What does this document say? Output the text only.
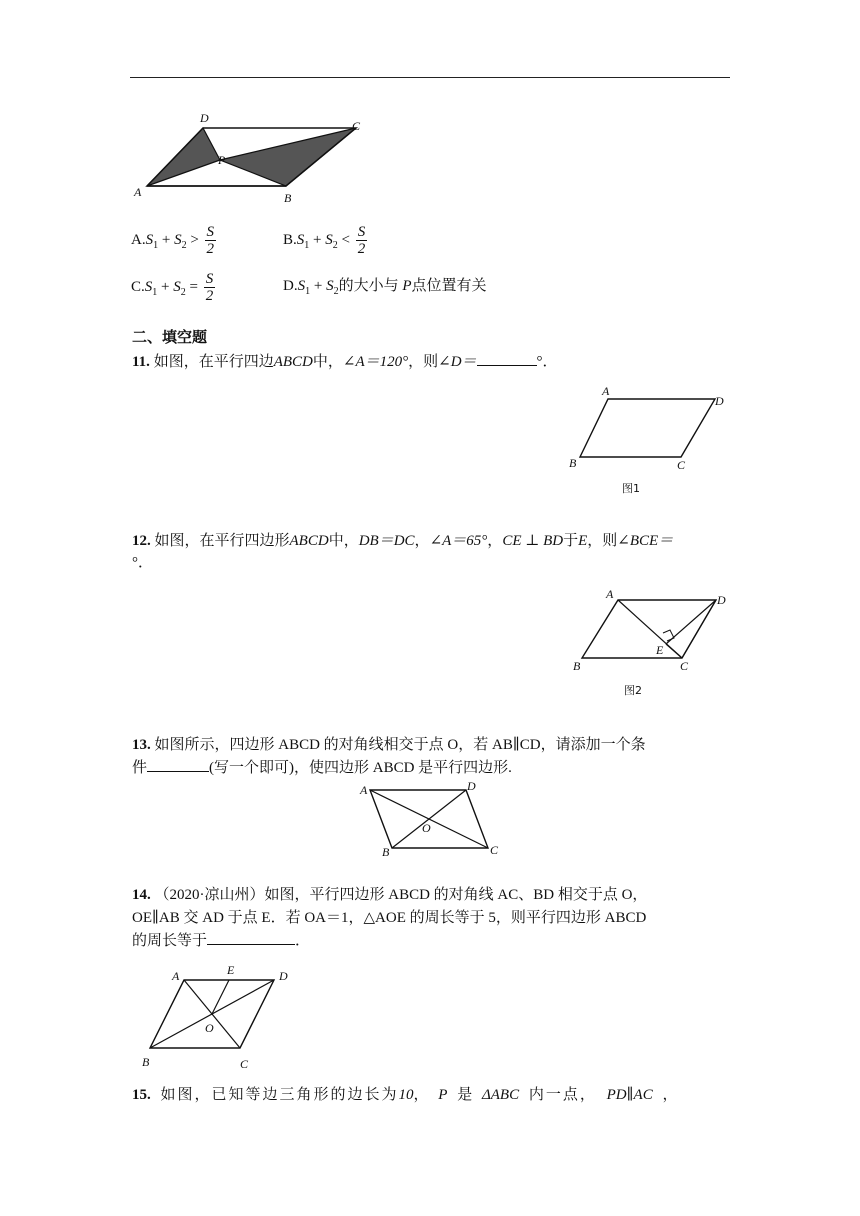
A	B
C
D
P
$A.S_1 + S_2 > \frac{S}{2}$	$B.S_1 + S_2 < \frac{S}{2}$
$C.S_1 + S_2 = \frac{S}{2}$	$D.S_1 + S_2$的大小与 P点位置有关
二、填空题
11. 如图，在平行四边ABCD中，∠A＝120°，则∠D＝	°．
A
D
B	C
图1
12. 如图，在平行四边形ABCD中，DB＝DC，∠A＝65°，CE ⊥ BD于E，则∠BCE＝
°．
A	D
B	C
E
图2
13. 如图所示，四边形 ABCD 的对角线相交于点 O，若 AB∥CD，请添加一个条
件	(写一个即可)，使四边形 ABCD 是平行四边形.
A	D
B	C
O
14. （2020·凉山州）如图，平行四边形 ABCD 的对角线 AC、BD 相交于点 O，
OE∥AB 交 AD 于点 E．若 OA＝1，△AOE 的周长等于 5，则平行四边形 ABCD
的周长等于	．
A	E	D
B	C
O
15. 如图，已知等边三角形的边长为10， P 是 ΔABC 内一点， PD∥AC ，
